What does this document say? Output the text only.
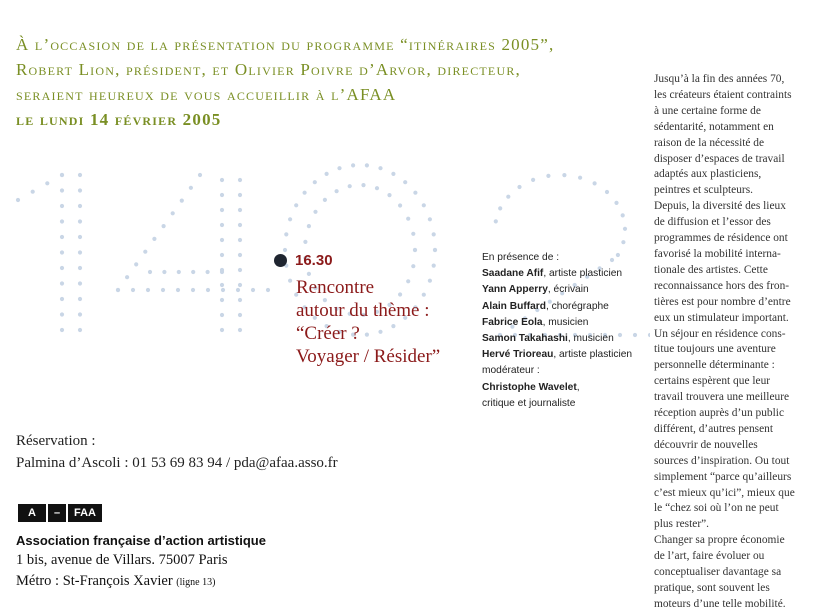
À l’occasion de la présentation du programme “itinéraires 2005”,
Robert Lion, président, et Olivier Poivre d’Arvor, directeur,
seraient heureux de vous accueillir à l’AFAA
le lundi 14 février 2005
16.30
Rencontre
autour du thème :
“Créer ?
Voyager / Résider”
En présence de :
Saadane Afif, artiste plasticien
Yann Apperry, écrivain
Alain Buffard, chorégraphe
Fabrice Eola, musicien
Samon Takahashi, musicien
Hervé Trioreau, artiste plasticien
modérateur :
Christophe Wavelet,
critique et journaliste
Jusqu’à la fin des années 70,
les créateurs étaient contraints
à une certaine forme de
sédentarité, notamment en
raison de la nécessité de
disposer d’espaces de travail
adaptés aux plasticiens,
peintres et sculpteurs.
Depuis, la diversité des lieux
de diffusion et l’essor des
programmes de résidence ont
favorisé la mobilité interna-
tionale des artistes. Cette
reconnaissance hors des fron-
tières est pour nombre d’entre
eux un stimulateur important.
Un séjour en résidence cons-
titue toujours une aventure
personnelle déterminante :
certains espèrent que leur
travail trouvera une meilleure
réception auprès d’un public
différent, d’autres pensent
découvrir de nouvelles
sources d’inspiration. Ou tout
simplement “parce qu’ailleurs
c’est mieux qu’ici”, mieux que
le “chez soi où l’on ne peut
plus rester”.
Changer sa propre économie
de l’art, faire évoluer ou
conceptualiser davantage sa
pratique, sont souvent les
moteurs d’une telle mobilité.
Réservation :
Palmina d’Ascoli : 01 53 69 83 94 / pda@afaa.asso.fr
A	–	FAA
Association française d’action artistique
1 bis, avenue de Villars. 75007 Paris
Métro : St-François Xavier (ligne 13)
